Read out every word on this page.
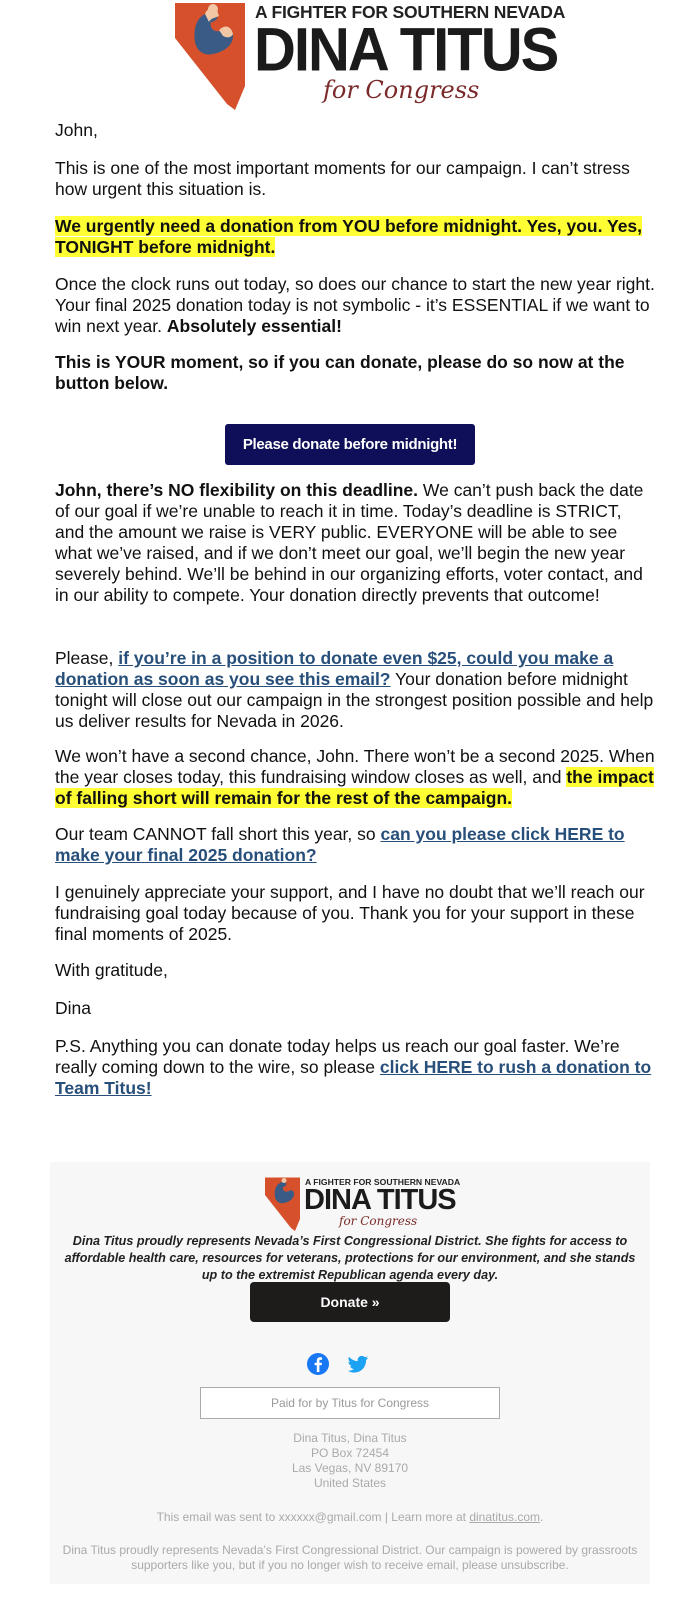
A FIGHTER FOR SOUTHERN NEVADA
DINA TITUS
for Congress

John,

This is one of the most important moments for our campaign. I can’t stress how urgent this situation is.

We urgently need a donation from YOU before midnight. Yes, you. Yes, TONIGHT before midnight.

Once the clock runs out today, so does our chance to start the new year right. Your final 2025 donation today is not symbolic - it’s ESSENTIAL if we want to win next year. Absolutely essential!

This is YOUR moment, so if you can donate, please do so now at the button below.

Please donate before midnight!

John, there’s NO flexibility on this deadline. We can’t push back the date of our goal if we’re unable to reach it in time. Today’s deadline is STRICT, and the amount we raise is VERY public. EVERYONE will be able to see what we’ve raised, and if we don’t meet our goal, we’ll begin the new year severely behind. We’ll be behind in our organizing efforts, voter contact, and in our ability to compete. Your donation directly prevents that outcome!

Please, if you’re in a position to donate even $25, could you make a donation as soon as you see this email? Your donation before midnight tonight will close out our campaign in the strongest position possible and help us deliver results for Nevada in 2026.

We won’t have a second chance, John. There won’t be a second 2025. When the year closes today, this fundraising window closes as well, and the impact of falling short will remain for the rest of the campaign.

Our team CANNOT fall short this year, so can you please click HERE to make your final 2025 donation?

I genuinely appreciate your support, and I have no doubt that we’ll reach our fundraising goal today because of you. Thank you for your support in these final moments of 2025.

With gratitude,

Dina

P.S. Anything you can donate today helps us reach our goal faster. We’re really coming down to the wire, so please click HERE to rush a donation to Team Titus!

A FIGHTER FOR SOUTHERN NEVADA
DINA TITUS
for Congress
Dina Titus proudly represents Nevada’s First Congressional District. She fights for access to affordable health care, resources for veterans, protections for our environment, and she stands up to the extremist Republican agenda every day.
Donate »
Paid for by Titus for Congress
Dina Titus, Dina Titus
PO Box 72454
Las Vegas, NV 89170
United States
This email was sent to xxxxxx@gmail.com | Learn more at dinatitus.com.
Dina Titus proudly represents Nevada’s First Congressional District. Our campaign is powered by grassroots supporters like you, but if you no longer wish to receive email, please unsubscribe.
